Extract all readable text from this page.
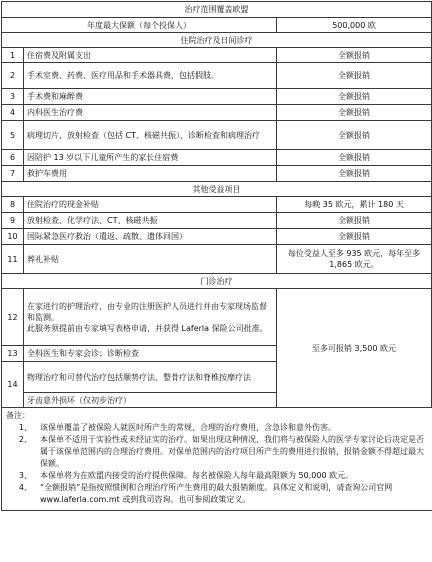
治疗范围覆盖欧盟		
年度最大保额（每个投保人）		500,000 欧
住院治疗及日间诊疗		
1	住宿费及附属支出	全额报销
2	手术室费、药费、医疗用品和手术器具费，包括假肢。	全额报销
3	手术费和麻醉费	全额报销
4	内科医生治疗费	全额报销
5	病理切片、放射检查（包括 CT、核磁共振）、诊断检查和病理治疗	全额报销
6	因陪护 13 岁以下儿童所产生的家长住宿费	全额报销
7	救护车费用	全额报销
其他受益项目		
8	住院治疗的现金补贴	每晚 35 欧元，累计 180 天
9	放射检查、化学疗法、CT、核磁共振	全额报销
10	国际紧急医疗救治（遣返、疏散、遗体回国）	全额报销
11	葬礼补贴	每位受益人至多 935 欧元，每年至多 1,865 欧元。
门诊治疗		
12	在家进行的护理治疗，由专业的注册医护人员进行并由专家现场监督和监测。
此服务须提前由专家填写表格申请，并获得 Laferla 保险公司批准。	至多可报销 3,500 欧元
13	全科医生和专家会诊；诊断检查	
14	物理治疗和可替代治疗包括顺势疗法、整骨疗法和脊椎按摩疗法	
	牙齿意外损坏（仅初步治疗）	
备注：
1、	该保单覆盖了被保险人就医时所产生的常规、合理的治疗费用，含急诊和意外伤害。
2、	本保单不适用于实验性或未经证实的治疗。如果出现这种情况，我们将与被保险人的医学专家讨论后决定是否属于该保单范围内的合理治疗费用。对保单范围内的治疗项目所产生的费用进行报销，报销金额不得超过最大保额。
3、	本保单将为在欧盟内接受的治疗提供保障。每名被保险人每年最高限额为 50,000 欧元。
4、	“全额报销”是指按照惯例和合理治疗所产生费用的最大报销额度。具体定义和说明，请查询公司官网 www.laferla.com.mt 或到我司咨询。也可参阅政策定义。
